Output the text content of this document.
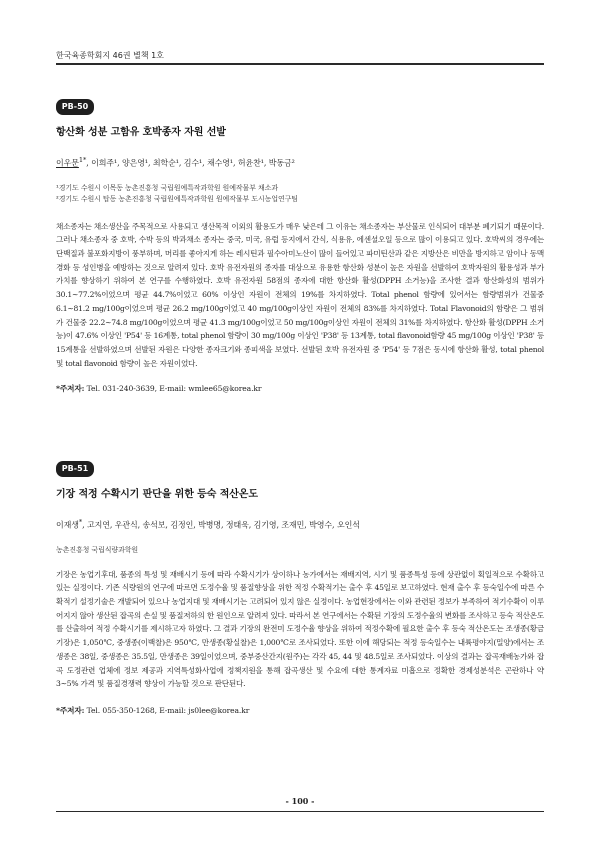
한국육종학회지 46권 별책 1호
PB-50
항산화 성분 고함유 호박종자 자원 선발
이우문$^{1*}$, 이희주¹, 양은영¹, 최학순¹, 김수¹, 채수영¹, 허윤찬¹, 박동금²
¹경기도 수원시 이목동 농촌진흥청 국립원예특작과학원 원예작물부 채소과
²경기도 수원시 탑동 농촌진흥청 국립원예특작과학원 원예작물부 도시농업연구팀
채소종자는 채소생산을 주목적으로 사용되고 생산목적 이외의 활용도가 매우 낮은데 그 이유는 채소종자는 부산물로 인식되어 대부분 폐기되기 때문이다. 그러나 채소종자 중 호박, 수박 등의 박과채소 종자는 중국, 미국, 유럽 등지에서 간식, 식용유, 에센셜오일 등으로 많이 이용되고 있다. 호박씨의 경우에는 단백질과 불포화지방이 풍부하며, 머리를 좋아지게 하는 레시틴과 필수아미노산이 많이 들어있고 파미틴산과 같은 지방산은 비만을 방지하고 암이나 동맥경화 등 성인병을 예방하는 것으로 알려져 있다. 호박 유전자원의 종자를 대상으로 유용한 항산화 성분이 높은 자원을 선발하여 호박자원의 활용성과 부가가치를 향상하기 위하여 본 연구를 수행하였다. 호박 유전자원 58점의 종자에 대한 항산화 활성(DPPH 소거능)을 조사한 결과 항산화성의 범위가 30.1∼77.2%이었으며 평균 44.7%이었고 60% 이상인 자원이 전체의 19%를 차지하였다. Total phenol 함량에 있어서는 함량범위가 건물중 6.1∼81.2 mg/100g이었으며 평균 26.2 mg/100g이었고 40 mg/100g이상인 자원이 전체의 83%를 차지하였다. Total Flavonoid의 함량은 그 범위가 건물중 22.2∼74.8 mg/100g이었으며 평균 41.3 mg/100g이었고 50 mg/100g이상인 자원이 전체의 31%를 차지하였다. 항산화 활성(DPPH 소거능)이 47.6% 이상인 'P54' 등 16계통, total phenol 함량이 30 mg/100g 이상인 'P38' 등 13계통, total flavonoid함량 45 mg/100g 이상인 'P38' 등 15계통을 선발하였으며 선발된 자원은 다양한 종자크기와 종피색을 보였다. 선발된 호박 유전자원 중 'P54' 등 7점은 동시에 항산화 활성, total phenol 및 total flavonoid 함량이 높은 자원이었다.
*주저자: Tel. 031-240-3639, E-mail: wmlee65@korea.kr
PB-51
기장 적정 수확시기 판단을 위한 등숙 적산온도
이재생*, 고지연, 우관식, 송석보, 김정인, 박병명, 정태욱, 김기영, 조재민, 박영수, 오인석
농촌진흥청 국립식량과학원
기장은 농업기후대, 품종의 특성 및 재배시기 등에 따라 수확시기가 상이하나 농가에서는 재배지역, 시기 및 품종특성 등에 상관없이 획일적으로 수확하고 있는 실정이다. 기존 식량원의 연구에 따르면 도정수율 및 품질향상을 위한 적정 수확적기는 출수 후 45일로 보고하였다. 현재 출수 후 등숙일수에 따른 수확적기 설정기술은 개발되어 있으나 농업지대 및 재배시기는 고려되어 있지 않은 실정이다. 농업현장에서는 이와 관련된 정보가 부족하여 적기수확이 이루어지지 않아 생산된 잡곡의 손실 및 품질저하의 한 원인으로 알려져 있다. 따라서 본 연구에서는 수확된 기장의 도정수율의 변화를 조사하고 등숙 적산온도를 산출하여 적정 수확시기를 제시하고자 하였다. 그 결과 기장의 완전미 도정수율 향상을 위하여 적정수확에 필요한 출수 후 등숙 적산온도는 조생종(황금기장)은 1,050℃, 중생종(이백찰)은 950℃, 만생종(황실찰)은 1,000℃로 조사되었다. 또한 이에 해당되는 적정 등숙일수는 내륙평야지(밀양)에서는 조생종은 38일, 중생종은 35.5일, 만생종은 39일이었으며, 중부중산간지(원주)는 각각 45, 44 및 48.5일로 조사되었다. 이상의 결과는 잡곡재배농가와 잡곡 도정관련 업체에 정보 제공과 지역특성화사업에 정책지원을 통해 잡곡생산 및 수요에 대한 통계자료 미흡으로 정확한 경제성분석은 곤란하나 약 3∼5% 가격 및 품질경쟁력 향상이 가능할 것으로 판단된다.
*주저자: Tel. 055-350-1268, E-mail: js0lee@korea.kr
- 100 -
